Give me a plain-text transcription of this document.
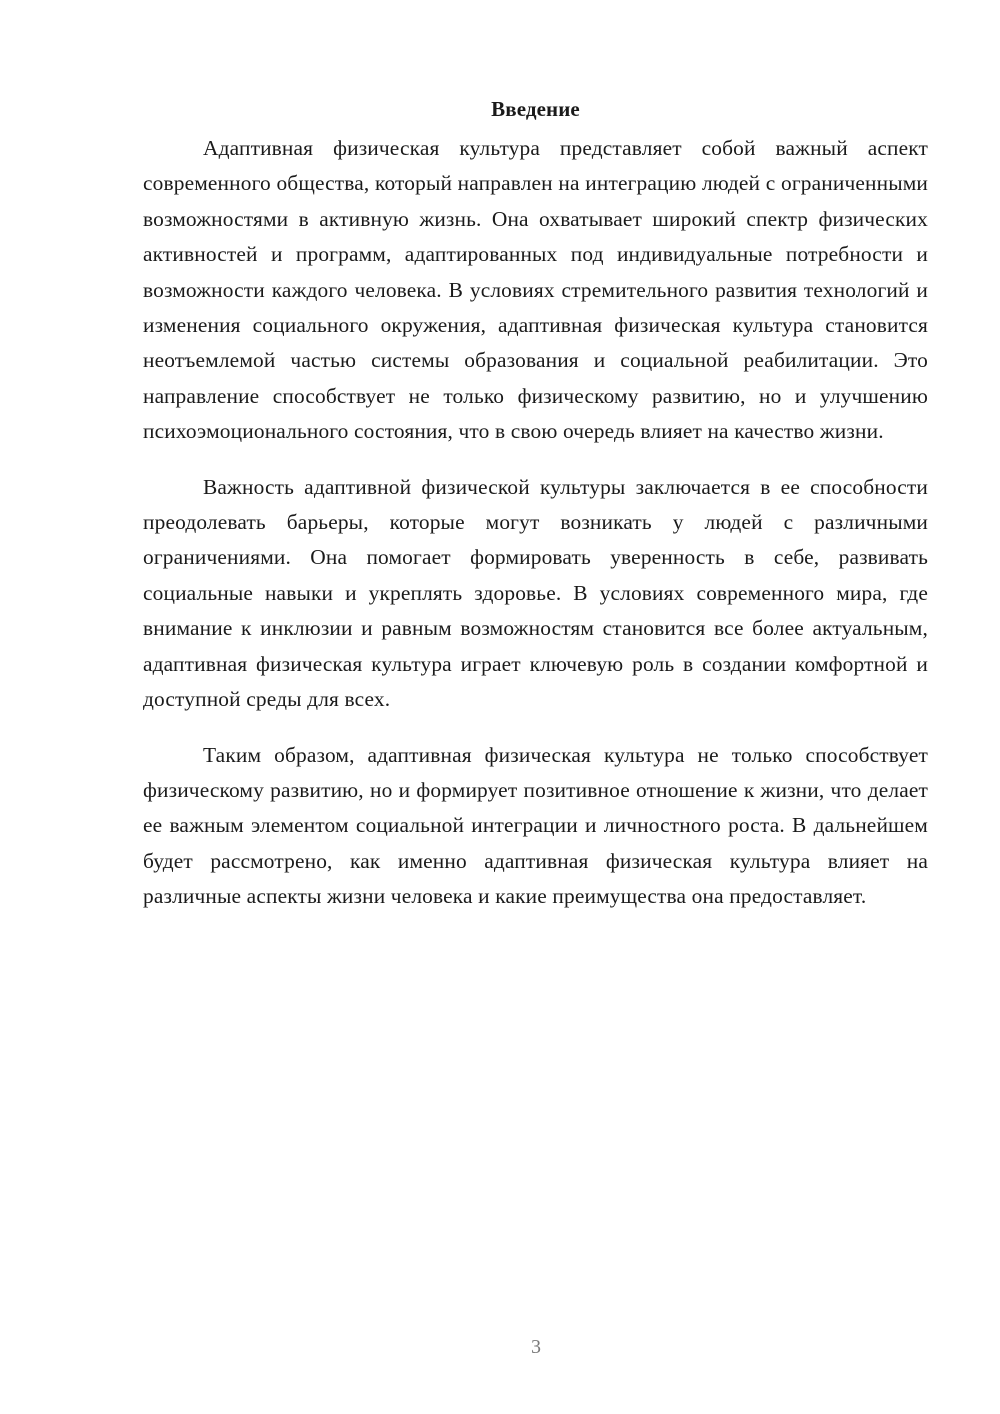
Введение

Адаптивная физическая культура представляет собой важный аспект современного общества, который направлен на интеграцию людей с ограниченными возможностями в активную жизнь. Она охватывает широкий спектр физических активностей и программ, адаптированных под индивидуальные потребности и возможности каждого человека. В условиях стремительного развития технологий и изменения социального окружения, адаптивная физическая культура становится неотъемлемой частью системы образования и социальной реабилитации. Это направление способствует не только физическому развитию, но и улучшению психоэмоционального состояния, что в свою очередь влияет на качество жизни.

Важность адаптивной физической культуры заключается в ее способности преодолевать барьеры, которые могут возникать у людей с различными ограничениями. Она помогает формировать уверенность в себе, развивать социальные навыки и укреплять здоровье. В условиях современного мира, где внимание к инклюзии и равным возможностям становится все более актуальным, адаптивная физическая культура играет ключевую роль в создании комфортной и доступной среды для всех.

Таким образом, адаптивная физическая культура не только способствует физическому развитию, но и формирует позитивное отношение к жизни, что делает ее важным элементом социальной интеграции и личностного роста. В дальнейшем будет рассмотрено, как именно адаптивная физическая культура влияет на различные аспекты жизни человека и какие преимущества она предоставляет.

3
